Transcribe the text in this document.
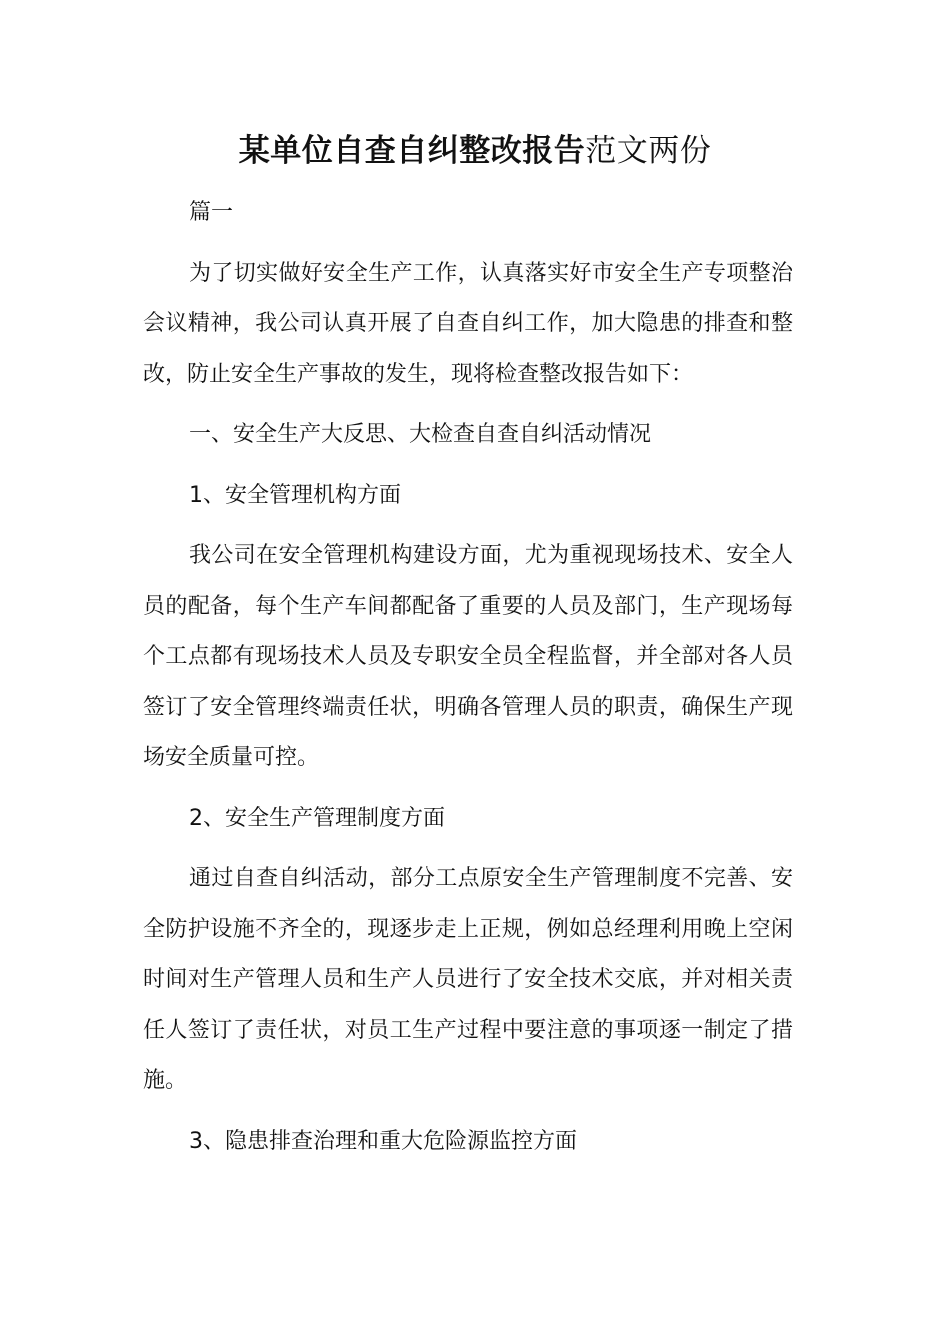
某单位自查自纠整改报告范文两份

篇一

为了切实做好安全生产工作，认真落实好市安全生产专项整治会议精神，我公司认真开展了自查自纠工作，加大隐患的排查和整改，防止安全生产事故的发生，现将检查整改报告如下：

一、安全生产大反思、大检查自查自纠活动情况

1、安全管理机构方面

我公司在安全管理机构建设方面，尤为重视现场技术、安全人员的配备，每个生产车间都配备了重要的人员及部门，生产现场每个工点都有现场技术人员及专职安全员全程监督，并全部对各人员签订了安全管理终端责任状，明确各管理人员的职责，确保生产现场安全质量可控。

2、安全生产管理制度方面

通过自查自纠活动，部分工点原安全生产管理制度不完善、安全防护设施不齐全的，现逐步走上正规，例如总经理利用晚上空闲时间对生产管理人员和生产人员进行了安全技术交底，并对相关责任人签订了责任状，对员工生产过程中要注意的事项逐一制定了措施。

3、隐患排查治理和重大危险源监控方面
